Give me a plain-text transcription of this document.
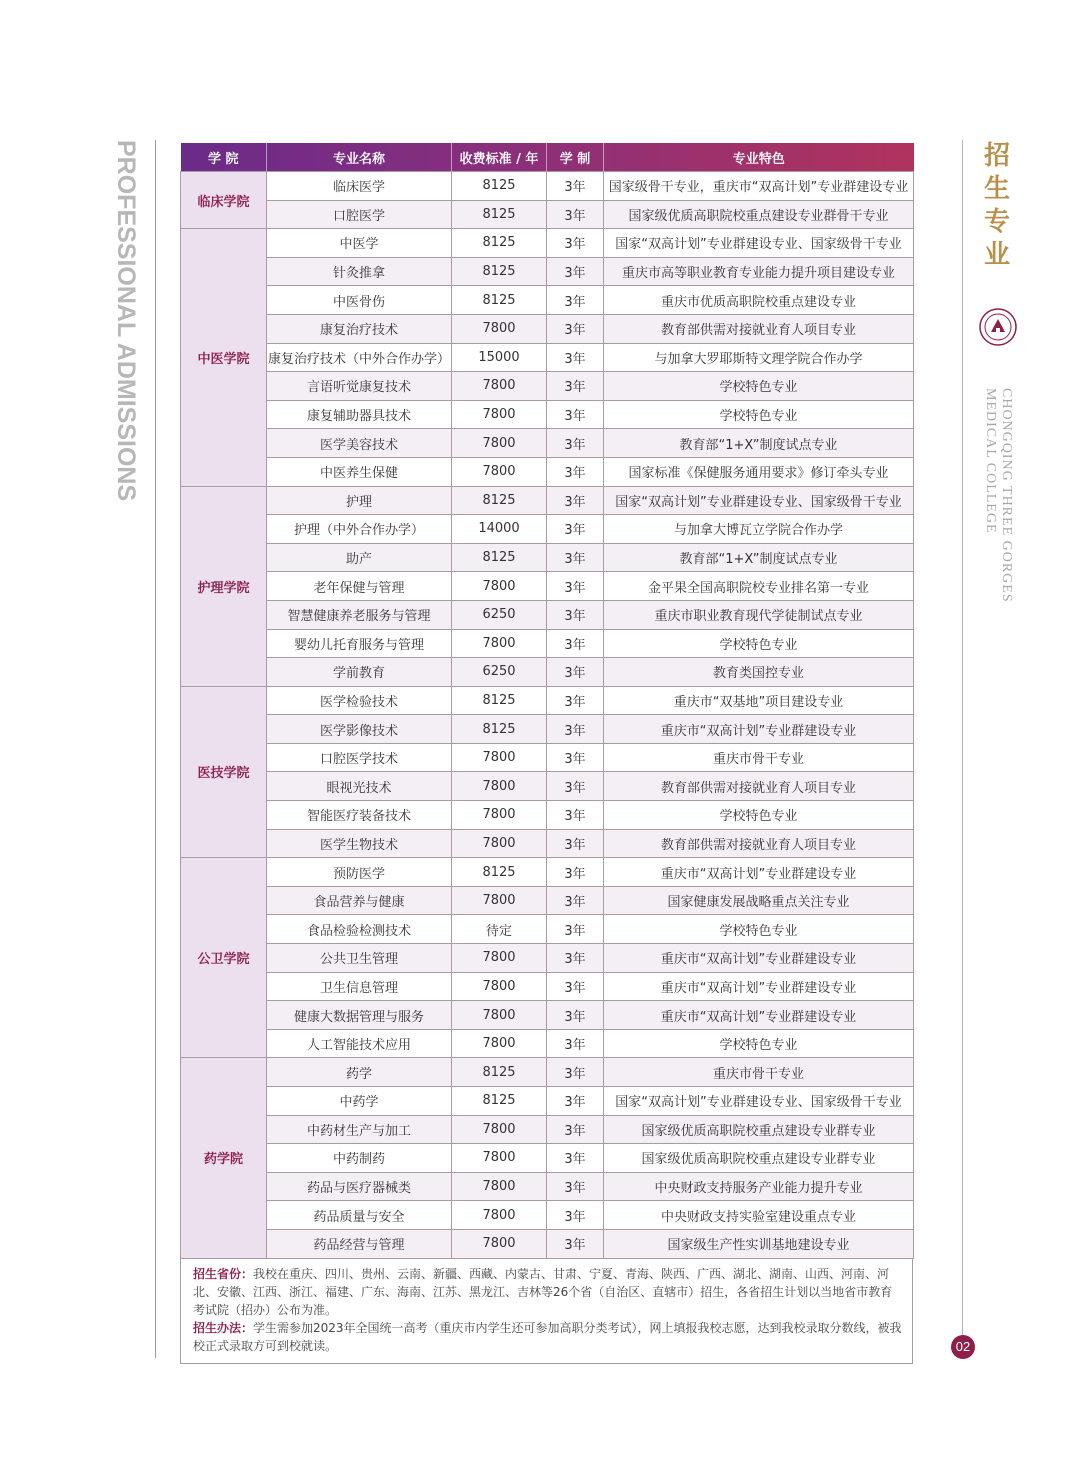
PROFESSIONAL ADMISSIONS	招
生
专
业
CHONGQING THREE GORGES
MEDICAL COLLEGE
02
学 院	专业名称	收费标准 / 年	学 制	专业特色
临床学院	临床医学	8125	3年	国家级骨干专业，重庆市“双高计划”专业群建设专业
	口腔医学	8125	3年	国家级优质高职院校重点建设专业群骨干专业
中医学院	中医学	8125	3年	国家“双高计划”专业群建设专业、国家级骨干专业
	针灸推拿	8125	3年	重庆市高等职业教育专业能力提升项目建设专业
	中医骨伤	8125	3年	重庆市优质高职院校重点建设专业
	康复治疗技术	7800	3年	教育部供需对接就业育人项目专业
	康复治疗技术（中外合作办学）	15000	3年	与加拿大罗耶斯特文理学院合作办学
	言语听觉康复技术	7800	3年	学校特色专业
	康复辅助器具技术	7800	3年	学校特色专业
	医学美容技术	7800	3年	教育部“1+X”制度试点专业
	中医养生保健	7800	3年	国家标准《保健服务通用要求》修订牵头专业
护理学院	护理	8125	3年	国家“双高计划”专业群建设专业、国家级骨干专业
	护理（中外合作办学）	14000	3年	与加拿大博瓦立学院合作办学
	助产	8125	3年	教育部“1+X”制度试点专业
	老年保健与管理	7800	3年	金平果全国高职院校专业排名第一专业
	智慧健康养老服务与管理	6250	3年	重庆市职业教育现代学徒制试点专业
	婴幼儿托育服务与管理	7800	3年	学校特色专业
	学前教育	6250	3年	教育类国控专业
医技学院	医学检验技术	8125	3年	重庆市“双基地”项目建设专业
	医学影像技术	8125	3年	重庆市“双高计划”专业群建设专业
	口腔医学技术	7800	3年	重庆市骨干专业
	眼视光技术	7800	3年	教育部供需对接就业育人项目专业
	智能医疗装备技术	7800	3年	学校特色专业
	医学生物技术	7800	3年	教育部供需对接就业育人项目专业
公卫学院	预防医学	8125	3年	重庆市“双高计划”专业群建设专业
	食品营养与健康	7800	3年	国家健康发展战略重点关注专业
	食品检验检测技术	待定	3年	学校特色专业
	公共卫生管理	7800	3年	重庆市“双高计划”专业群建设专业
	卫生信息管理	7800	3年	重庆市“双高计划”专业群建设专业
	健康大数据管理与服务	7800	3年	重庆市“双高计划”专业群建设专业
	人工智能技术应用	7800	3年	学校特色专业
药学院	药学	8125	3年	重庆市骨干专业
	中药学	8125	3年	国家“双高计划”专业群建设专业、国家级骨干专业
	中药材生产与加工	7800	3年	国家级优质高职院校重点建设专业群专业
	中药制药	7800	3年	国家级优质高职院校重点建设专业群专业
	药品与医疗器械类	7800	3年	中央财政支持服务产业能力提升专业
	药品质量与安全	7800	3年	中央财政支持实验室建设重点专业
	药品经营与管理	7800	3年	国家级生产性实训基地建设专业

招生省份：我校在重庆、四川、贵州、云南、新疆、西藏、内蒙古、甘肃、宁夏、青海、陕西、广西、湖北、湖南、山西、河南、河北、安徽、江西、浙江、福建、广东、海南、江苏、黑龙江、吉林等26个省（自治区、直辖市）招生，各省招生计划以当地省市教育考试院（招办）公布为准。

招生办法：学生需参加2023年全国统一高考（重庆市内学生还可参加高职分类考试），网上填报我校志愿，达到我校录取分数线，被我校正式录取方可到校就读。
